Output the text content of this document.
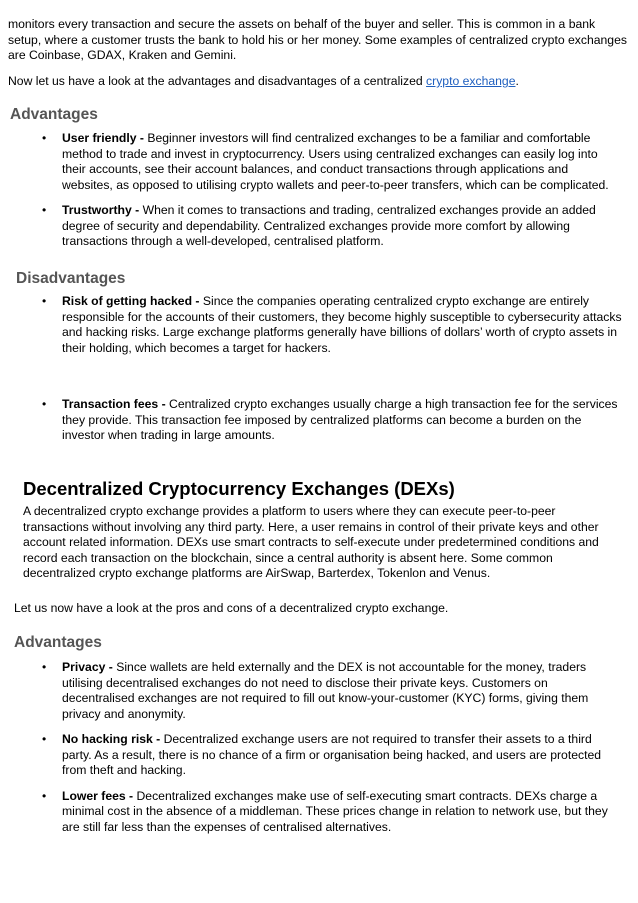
monitors every transaction and secure the assets on behalf of the buyer and seller. This is common in a bank setup, where a customer trusts the bank to hold his or her money. Some examples of centralized crypto exchanges are Coinbase, GDAX, Kraken and Gemini.

Now let us have a look at the advantages and disadvantages of a centralized crypto exchange.

Advantages
• User friendly - Beginner investors will find centralized exchanges to be a familiar and comfortable method to trade and invest in cryptocurrency. Users using centralized exchanges can easily log into their accounts, see their account balances, and conduct transactions through applications and websites, as opposed to utilising crypto wallets and peer-to-peer transfers, which can be complicated.
• Trustworthy - When it comes to transactions and trading, centralized exchanges provide an added degree of security and dependability. Centralized exchanges provide more comfort by allowing transactions through a well-developed, centralised platform.
Disadvantages
• Risk of getting hacked - Since the companies operating centralized crypto exchange are entirely responsible for the accounts of their customers, they become highly susceptible to cybersecurity attacks and hacking risks. Large exchange platforms generally have billions of dollars’ worth of crypto assets in their holding, which becomes a target for hackers.
• Transaction fees - Centralized crypto exchanges usually charge a high transaction fee for the services they provide. This transaction fee imposed by centralized platforms can become a burden on the investor when trading in large amounts.
Decentralized Cryptocurrency Exchanges (DEXs)

A decentralized crypto exchange provides a platform to users where they can execute peer-to-peer transactions without involving any third party. Here, a user remains in control of their private keys and other account related information. DEXs use smart contracts to self-execute under predetermined conditions and record each transaction on the blockchain, since a central authority is absent here. Some common decentralized crypto exchange platforms are AirSwap, Barterdex, Tokenlon and Venus.

Let us now have a look at the pros and cons of a decentralized crypto exchange.

Advantages
• Privacy - Since wallets are held externally and the DEX is not accountable for the money, traders utilising decentralised exchanges do not need to disclose their private keys. Customers on decentralised exchanges are not required to fill out know-your-customer (KYC) forms, giving them privacy and anonymity.
• No hacking risk - Decentralized exchange users are not required to transfer their assets to a third party. As a result, there is no chance of a firm or organisation being hacked, and users are protected from theft and hacking.
• Lower fees - Decentralized exchanges make use of self-executing smart contracts. DEXs charge a minimal cost in the absence of a middleman. These prices change in relation to network use, but they are still far less than the expenses of centralised alternatives.
